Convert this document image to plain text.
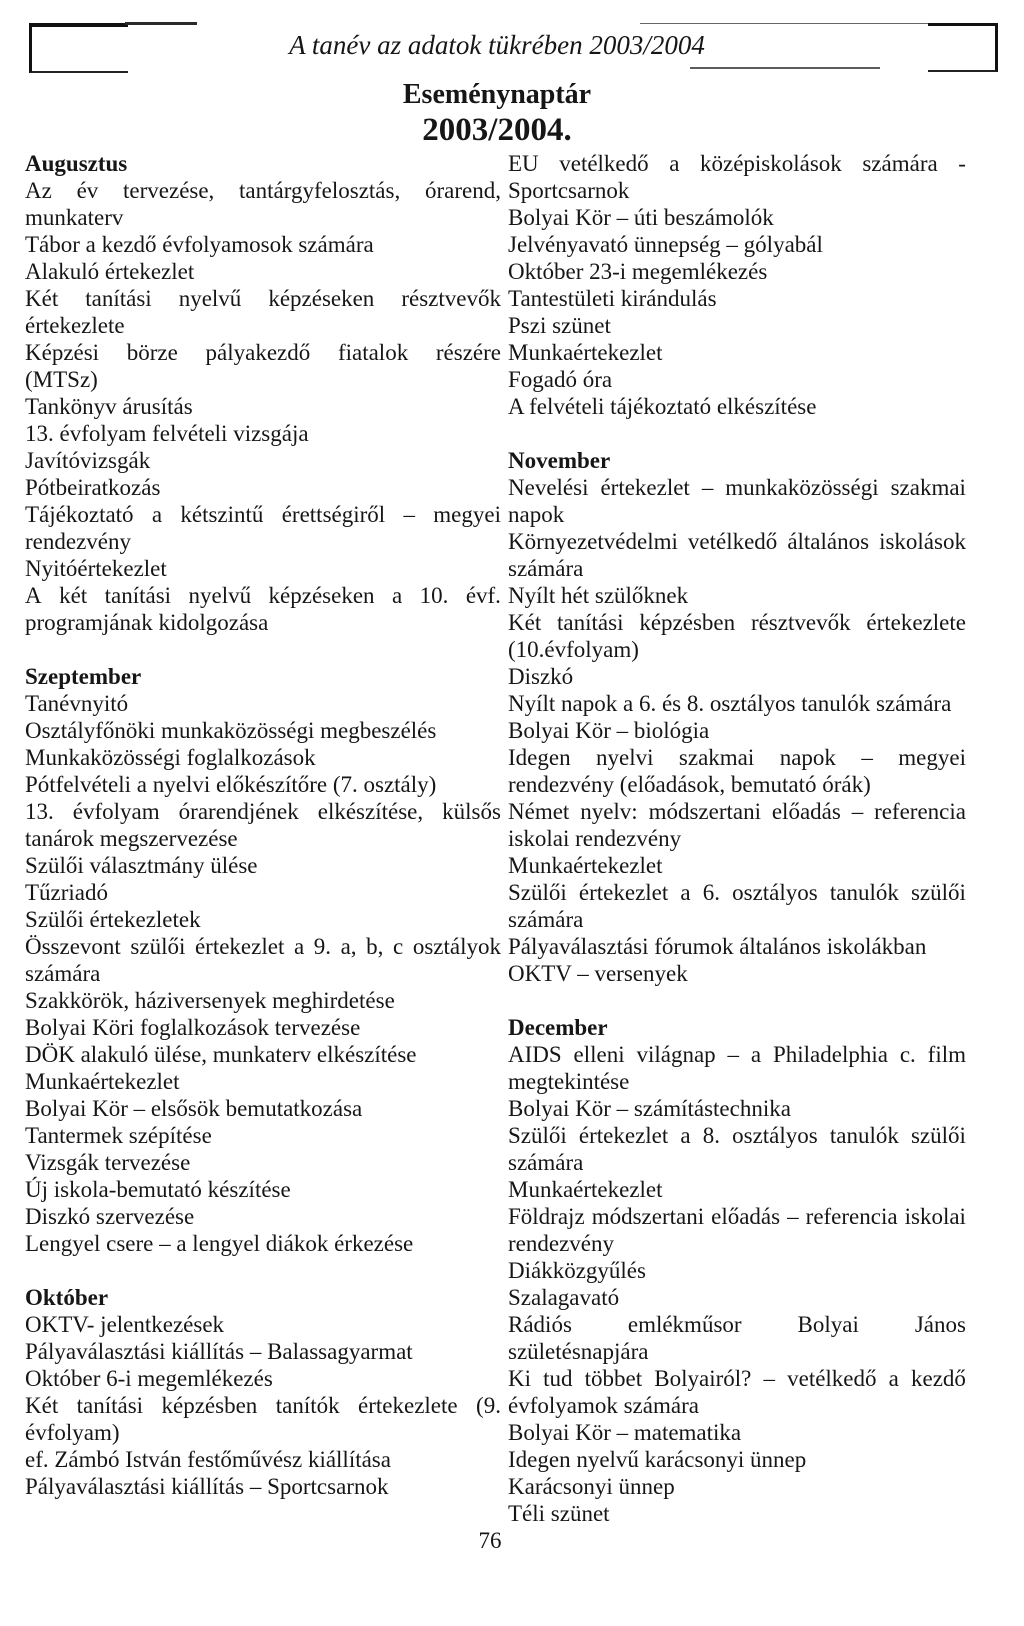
A tanév az adatok tükrében 2003/2004
Eseménynaptár
2003/2004.
Augusztus
Az év tervezése, tantárgyfelosztás, órarend,
munkaterv
Tábor a kezdő évfolyamosok számára
Alakuló értekezlet
Két tanítási nyelvű képzéseken résztvevők
értekezlete
Képzési börze pályakezdő fiatalok részére
(MTSz)
Tankönyv árusítás
13. évfolyam felvételi vizsgája
Javítóvizsgák
Pótbeiratkozás
Tájékoztató a kétszintű érettségiről – megyei
rendezvény
Nyitóértekezlet
A két tanítási nyelvű képzéseken a 10. évf.
programjának kidolgozása
Szeptember
Tanévnyitó
Osztályfőnöki munkaközösségi megbeszélés
Munkaközösségi foglalkozások
Pótfelvételi a nyelvi előkészítőre (7. osztály)
13. évfolyam órarendjének elkészítése, külsős
tanárok megszervezése
Szülői választmány ülése
Tűzriadó
Szülői értekezletek
Összevont szülői értekezlet a 9. a, b, c osztályok
számára
Szakkörök, háziversenyek meghirdetése
Bolyai Köri foglalkozások tervezése
DÖK alakuló ülése, munkaterv elkészítése
Munkaértekezlet
Bolyai Kör – elsősök bemutatkozása
Tantermek szépítése
Vizsgák tervezése
Új iskola-bemutató készítése
Diszkó szervezése
Lengyel csere – a lengyel diákok érkezése
Október
OKTV- jelentkezések
Pályaválasztási kiállítás – Balassagyarmat
Október 6-i megemlékezés
Két tanítási képzésben tanítók értekezlete (9.
évfolyam)
ef. Zámbó István festőművész kiállítása
Pályaválasztási kiállítás – Sportcsarnok
EU vetélkedő a középiskolások számára -
Sportcsarnok
Bolyai Kör – úti beszámolók
Jelvényavató ünnepség – gólyabál
Október 23-i megemlékezés
Tantestületi kirándulás
Pszi szünet
Munkaértekezlet
Fogadó óra
A felvételi tájékoztató elkészítése
November
Nevelési értekezlet – munkaközösségi szakmai
napok
Környezetvédelmi vetélkedő általános iskolások
számára
Nyílt hét szülőknek
Két tanítási képzésben résztvevők értekezlete
(10.évfolyam)
Diszkó
Nyílt napok a 6. és 8. osztályos tanulók számára
Bolyai Kör – biológia
Idegen nyelvi szakmai napok – megyei
rendezvény (előadások, bemutató órák)
Német nyelv: módszertani előadás – referencia
iskolai rendezvény
Munkaértekezlet
Szülői értekezlet a 6. osztályos tanulók szülői
számára
Pályaválasztási fórumok általános iskolákban
OKTV – versenyek
December
AIDS elleni világnap – a Philadelphia c. film
megtekintése
Bolyai Kör – számítástechnika
Szülői értekezlet a 8. osztályos tanulók szülői
számára
Munkaértekezlet
Földrajz módszertani előadás – referencia iskolai
rendezvény
Diákközgyűlés
Szalagavató
Rádiós emlékműsor Bolyai János
születésnapjára
Ki tud többet Bolyairól? – vetélkedő a kezdő
évfolyamok számára
Bolyai Kör – matematika
Idegen nyelvű karácsonyi ünnep
Karácsonyi ünnep
Téli szünet
76
